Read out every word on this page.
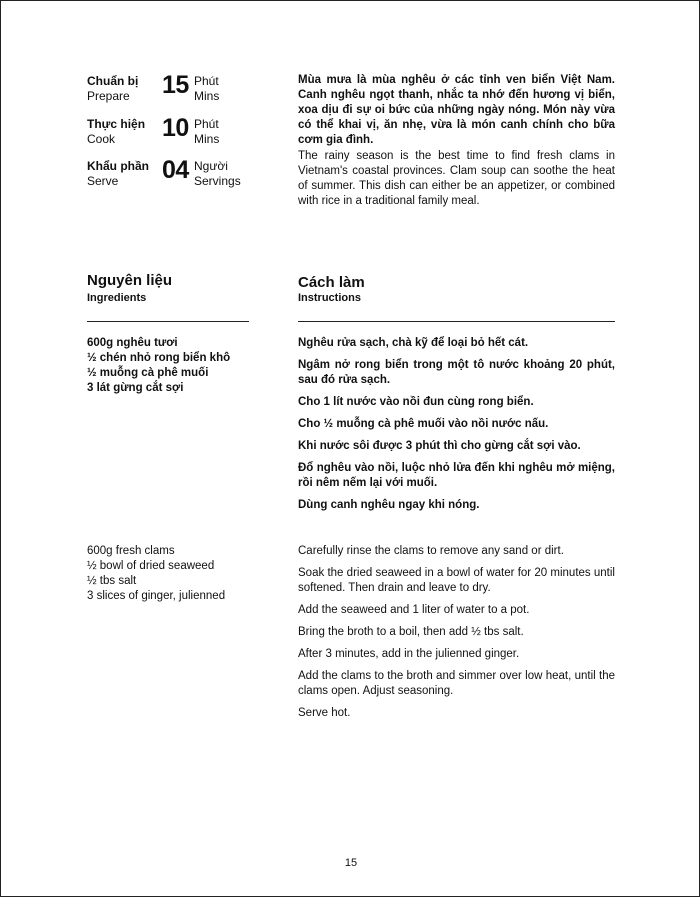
Chuẩn bị
Prepare 15 Phút
Mins
Thực hiện
Cook 10 Phút
Mins
Khẩu phần
Serve 04 Người
Servings

Mùa mưa là mùa nghêu ở các tỉnh ven biển Việt Nam. Canh nghêu ngọt thanh, nhắc ta nhớ đến hương vị biển, xoa dịu đi sự oi bức của những ngày nóng. Món này vừa có thể khai vị, ăn nhẹ, vừa là món canh chính cho bữa cơm gia đình.

The rainy season is the best time to find fresh clams in Vietnam's coastal provinces. Clam soup can soothe the heat of summer. This dish can either be an appetizer, or combined with rice in a traditional family meal.

Nguyên liệu
Ingredients
Cách làm
Instructions
600g nghêu tươi
½ chén nhỏ rong biển khô
½ muỗng cà phê muối
3 lát gừng cắt sợi
600g fresh clams
½ bowl of dried seaweed
½ tbs salt
3 slices of ginger, julienned
Nghêu rửa sạch, chà kỹ để loại bỏ hết cát.
Ngâm nở rong biển trong một tô nước khoảng 20 phút, sau đó rửa sạch.
Cho 1 lít nước vào nồi đun cùng rong biển.
Cho ½ muỗng cà phê muối vào nồi nước nấu.
Khi nước sôi được 3 phút thì cho gừng cắt sợi vào.
Đổ nghêu vào nồi, luộc nhỏ lửa đến khi nghêu mở miệng, rồi nêm nếm lại với muối.
Dùng canh nghêu ngay khi nóng.
Carefully rinse the clams to remove any sand or dirt.
Soak the dried seaweed in a bowl of water for 20 minutes until softened. Then drain and leave to dry.
Add the seaweed and 1 liter of water to a pot.
Bring the broth to a boil, then add ½ tbs salt.
After 3 minutes, add in the julienned ginger.
Add the clams to the broth and simmer over low heat, until the clams open. Adjust seasoning.
Serve hot.
15
